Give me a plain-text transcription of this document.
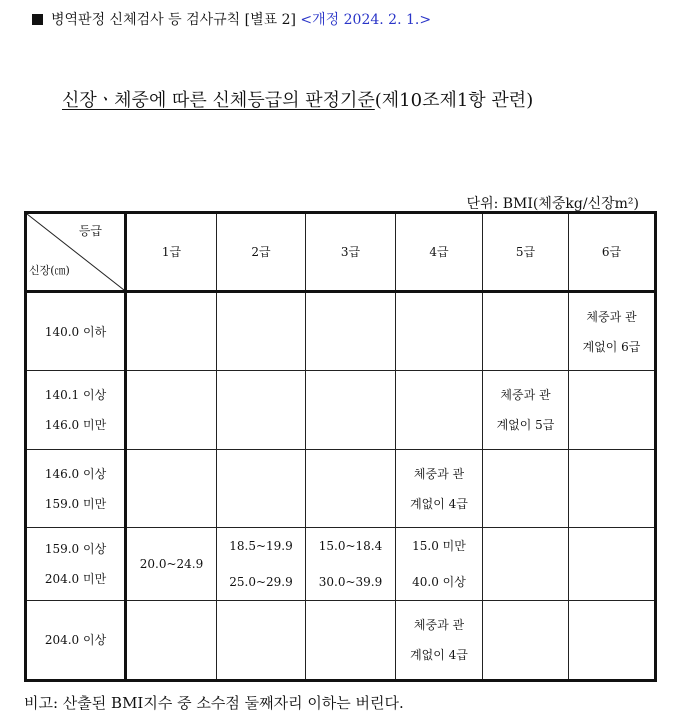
병역판정 신체검사 등 검사규칙 [별표 2] <개정 2024. 2. 1.>
신장ㆍ체중에 따른 신체등급의 판정기준(제10조제1항 관련)
단위: BMI(체중kg/신장m²)
등급
신장(㎝)	1급	2급	3급	4급	5급	6급

140.0 이하						체중과 관계없이 6급

140.1 이상
146.0 미만					체중과 관계없이 5급	

146.0 이상
159.0 미만				체중과 관계없이 4급		

159.0 이상
204.0 미만	20.0~24.9	18.5~19.9 25.0~29.9	15.0~18.4 30.0~39.9	15.0 미만 40.0 이상		

204.0 이상				체중과 관계없이 4급		
비고: 산출된 BMI지수 중 소수점 둘째자리 이하는 버린다.
